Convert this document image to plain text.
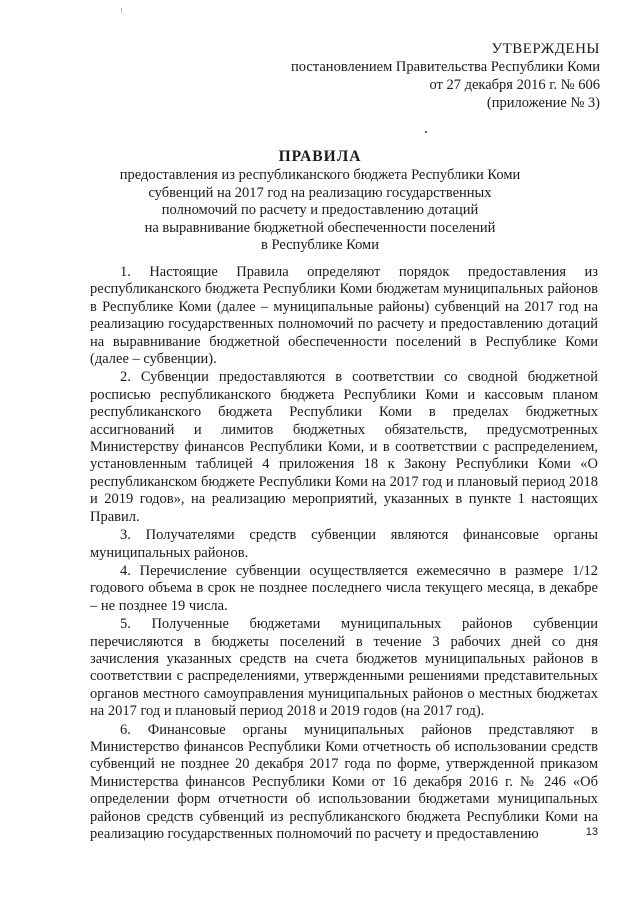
УТВЕРЖДЕНЫ
постановлением Правительства Республики Коми
от 27 декабря 2016 г. № 606
(приложение № 3)
ПРАВИЛА
предоставления из республиканского бюджета Республики Коми
субвенций на 2017 год на реализацию государственных
полномочий по расчету и предоставлению дотаций
на выравнивание бюджетной обеспеченности поселений
в Республике Коми

1. Настоящие Правила определяют порядок предоставления из республиканского бюджета Республики Коми бюджетам муниципальных районов в Республике Коми (далее – муниципальные районы) субвенций на 2017 год на реализацию государственных полномочий по расчету и предоставлению дотаций на выравнивание бюджетной обеспеченности поселений в Республике Коми (далее – субвенции).

2. Субвенции предоставляются в соответствии со сводной бюджетной росписью республиканского бюджета Республики Коми и кассовым планом республиканского бюджета Республики Коми в пределах бюджетных ассигнований и лимитов бюджетных обязательств, предусмотренных Министерству финансов Республики Коми, и в соответствии с распределением, установленным таблицей 4 приложения 18 к Закону Республики Коми «О республиканском бюджете Республики Коми на 2017 год и плановый период 2018 и 2019 годов», на реализацию мероприятий, указанных в пункте 1 настоящих Правил.

3. Получателями средств субвенции являются финансовые органы муниципальных районов.

4. Перечисление субвенции осуществляется ежемесячно в размере 1/12 годового объема в срок не позднее последнего числа текущего месяца, в декабре – не позднее 19 числа.

5. Полученные бюджетами муниципальных районов субвенции перечисляются в бюджеты поселений в течение 3 рабочих дней со дня зачисления указанных средств на счета бюджетов муниципальных районов в соответствии с распределениями, утвержденными решениями представительных органов местного самоуправления муниципальных районов о местных бюджетах на 2017 год и плановый период 2018 и 2019 годов (на 2017 год).

6. Финансовые органы муниципальных районов представляют в Министерство финансов Республики Коми отчетность об использовании средств субвенций не позднее 20 декабря 2017 года по форме, утвержденной приказом Министерства финансов Республики Коми от 16 декабря 2016 г. № 246 «Об определении форм отчетности об использовании бюджетами муниципальных районов средств субвенций из республиканского бюджета Республики Коми на реализацию государственных полномочий по расчету и предоставлению	13
